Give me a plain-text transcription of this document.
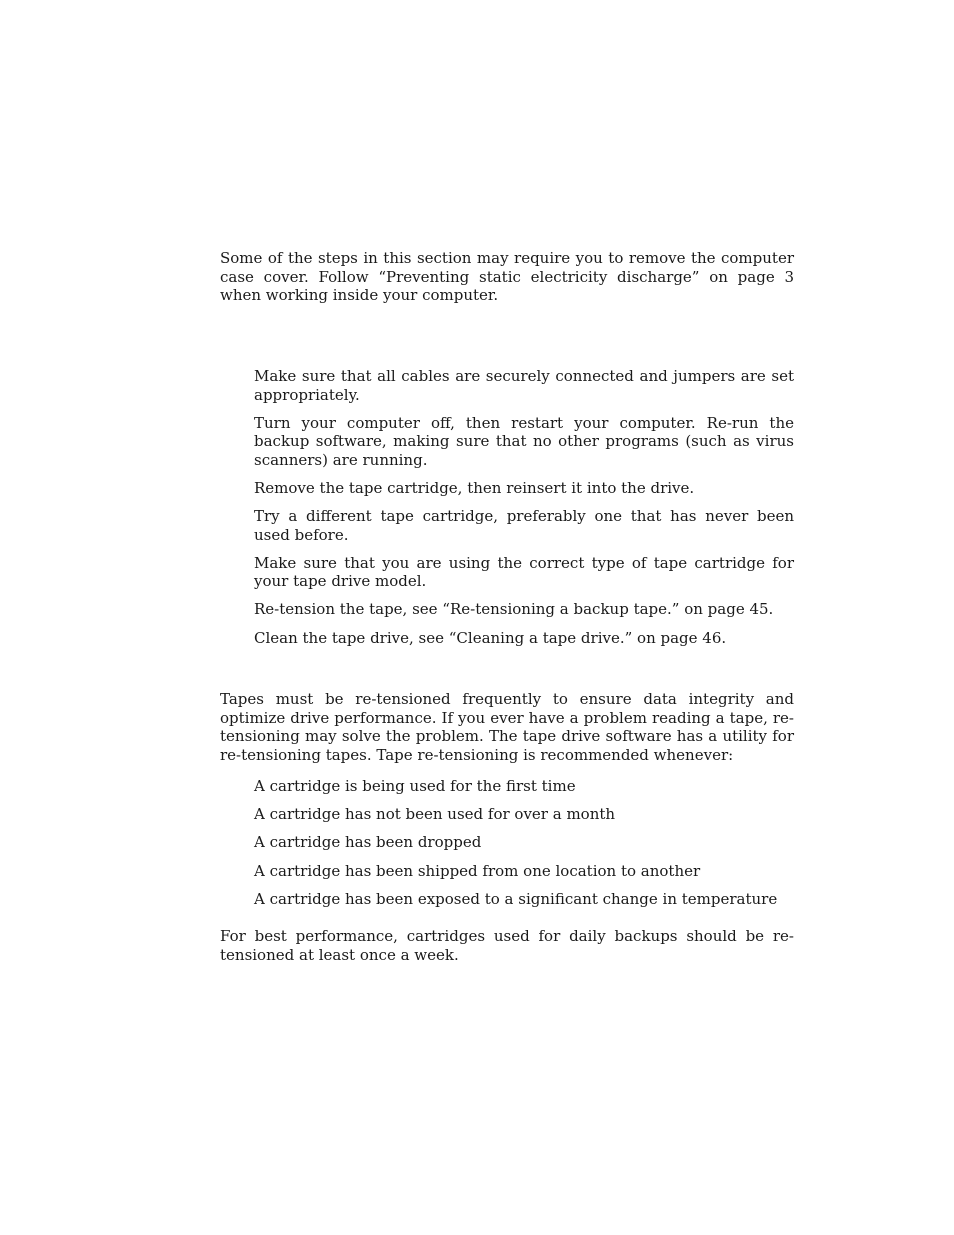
Some of the steps in this section may require you to remove the computer case cover. Follow “Preventing static electricity discharge” on page 3 when working inside your computer.

Make sure that all cables are securely connected and jumpers are set appropriately.
Turn your computer off, then restart your computer. Re-run the backup software, making sure that no other programs (such as virus scanners) are running.
Remove the tape cartridge, then reinsert it into the drive.
Try a different tape cartridge, preferably one that has never been used before.
Make sure that you are using the correct type of tape cartridge for your tape drive model.
Re-tension the tape, see “Re-tensioning a backup tape.” on page 45.
Clean the tape drive, see “Cleaning a tape drive.” on page 46.

Tapes must be re-tensioned frequently to ensure data integrity and optimize drive performance. If you ever have a problem reading a tape, re-tensioning may solve the problem. The tape drive software has a utility for re-tensioning tapes. Tape re-tensioning is recommended whenever:

A cartridge is being used for the first time
A cartridge has not been used for over a month
A cartridge has been dropped
A cartridge has been shipped from one location to another
A cartridge has been exposed to a significant change in temperature

For best performance, cartridges used for daily backups should be re-tensioned at least once a week.
